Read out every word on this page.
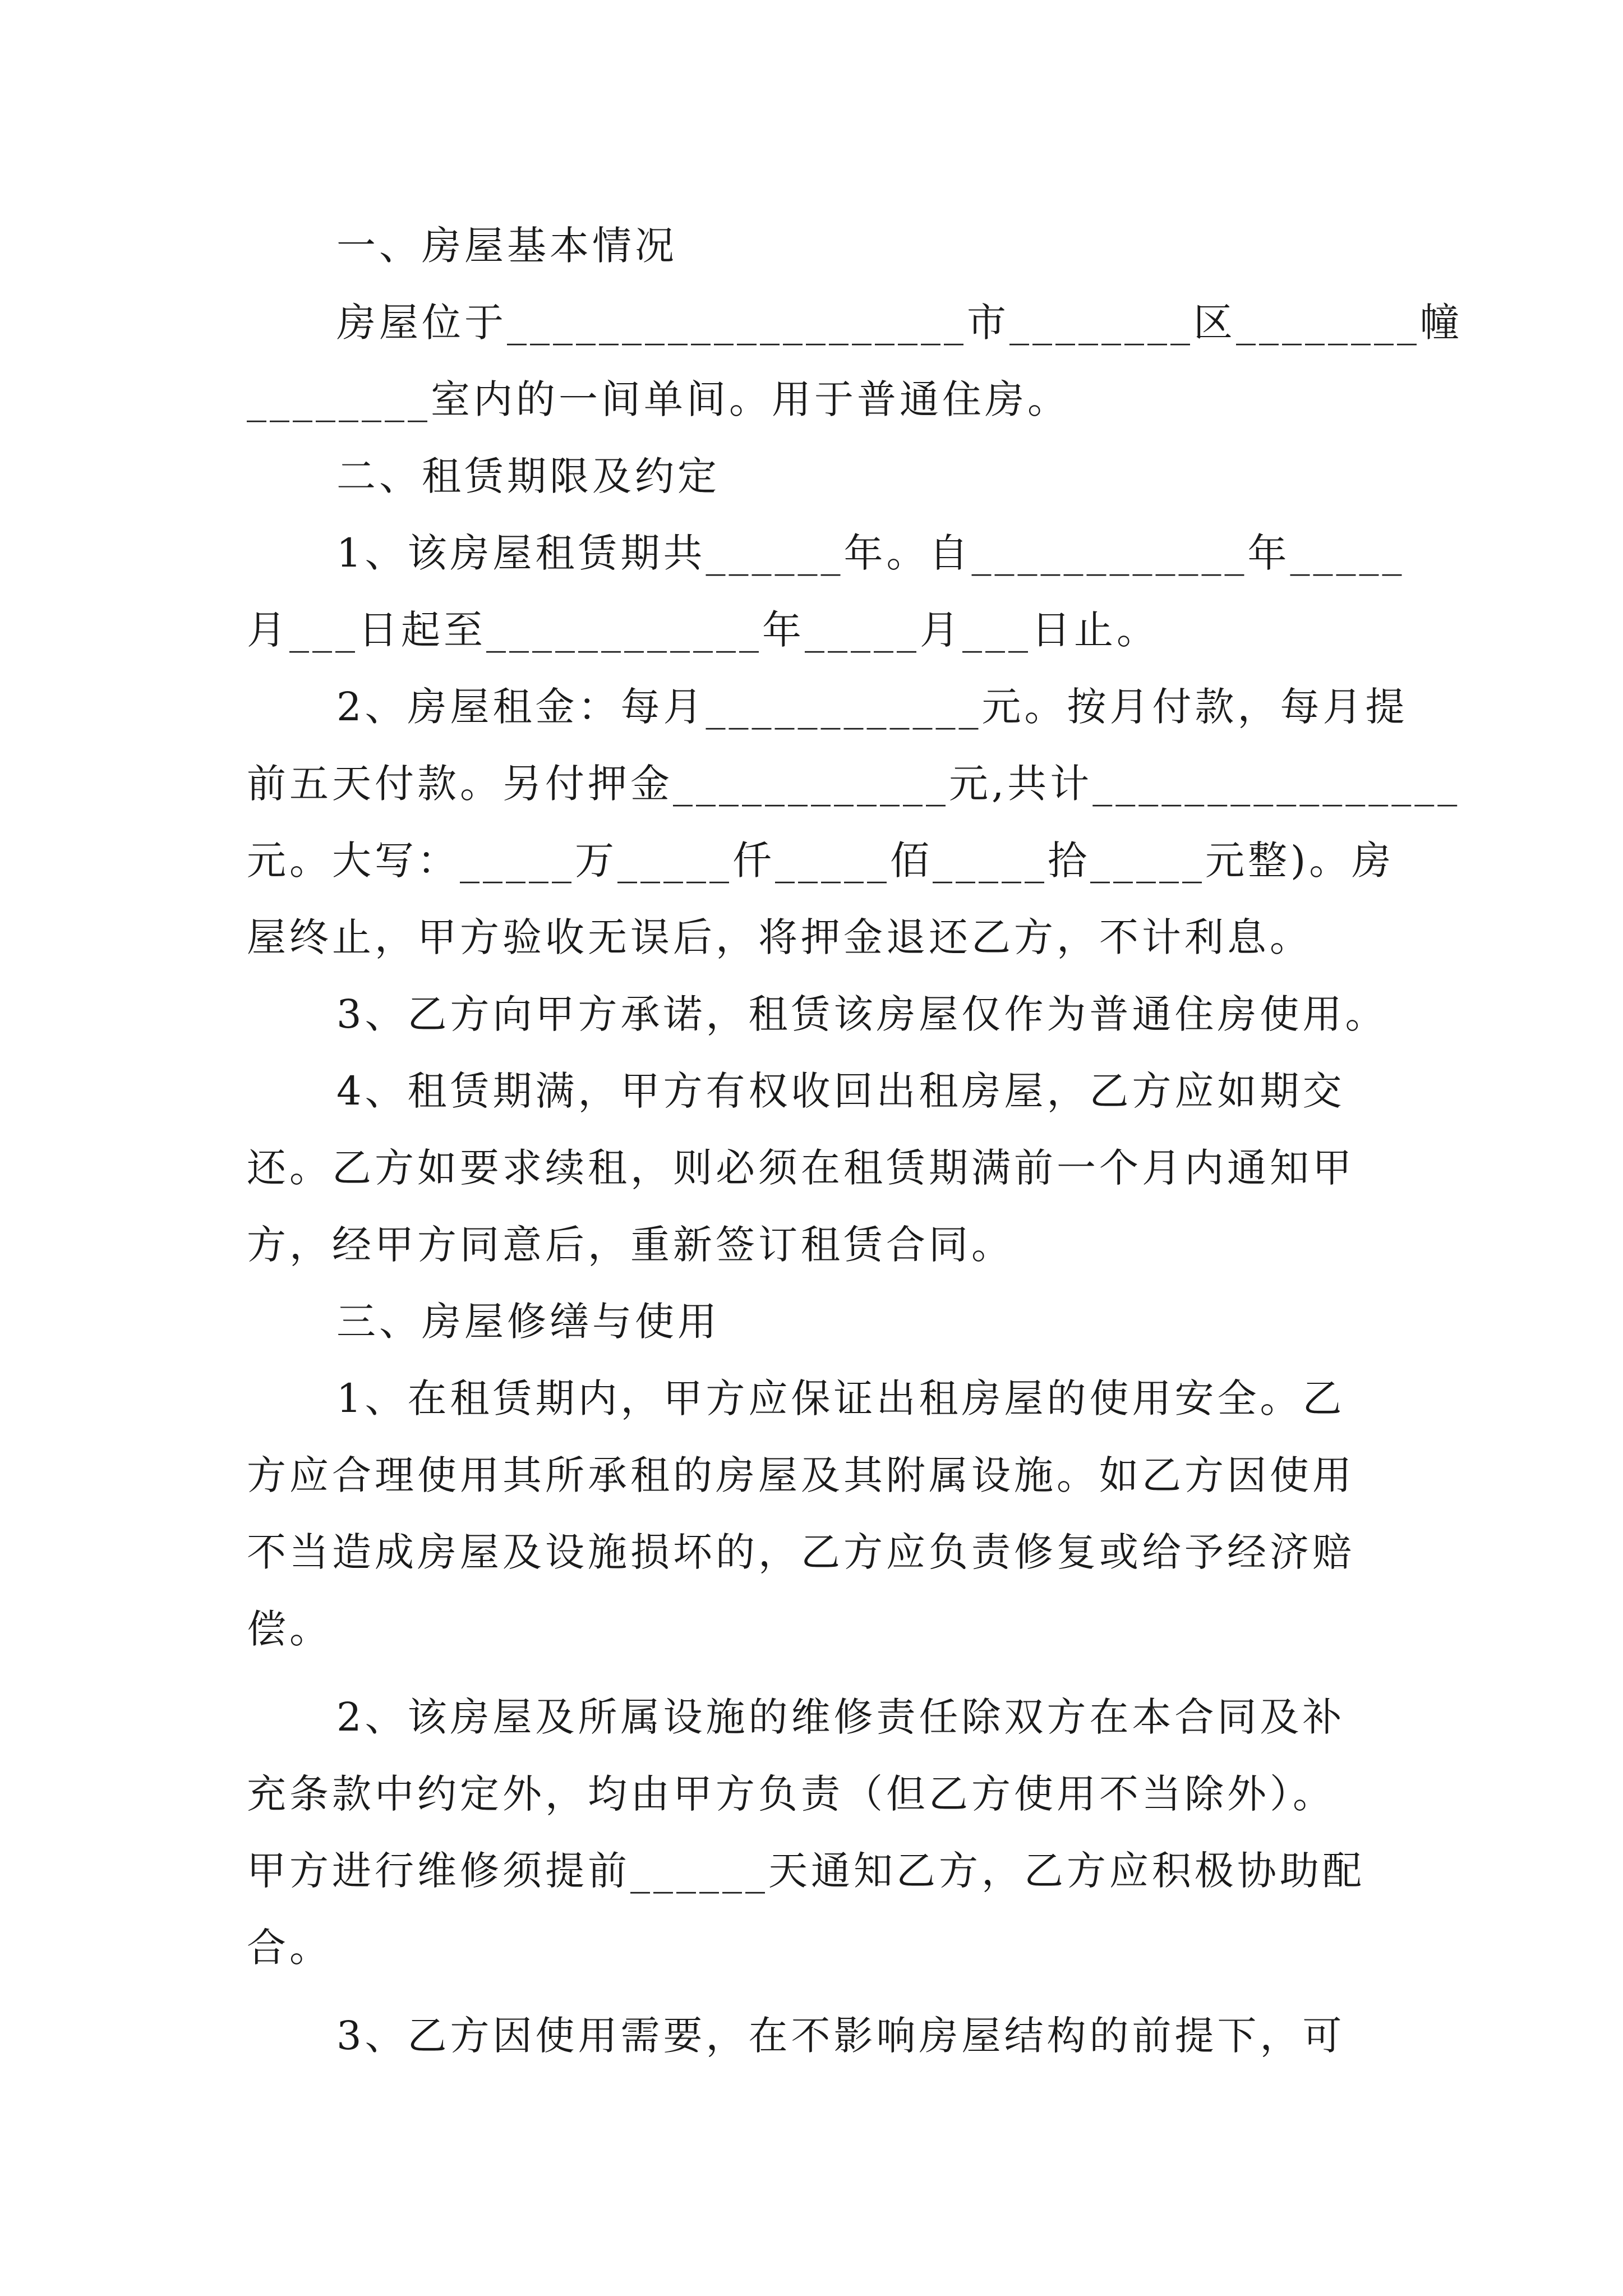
一、房屋基本情况
房屋位于____________________市________区________幢
________室内的一间单间。用于普通住房。
二、租赁期限及约定
1、该房屋租赁期共______年。自____________年_____
月___日起至____________年_____月___日止。
2、房屋租金：每月____________元。按月付款，每月提
前五天付款。另付押金____________元,共计________________
元。大写：_____万_____仟_____佰_____拾_____元整)。房
屋终止，甲方验收无误后，将押金退还乙方，不计利息。
3、乙方向甲方承诺，租赁该房屋仅作为普通住房使用。
4、租赁期满，甲方有权收回出租房屋，乙方应如期交
还。乙方如要求续租，则必须在租赁期满前一个月内通知甲
方，经甲方同意后，重新签订租赁合同。
三、房屋修缮与使用
1、在租赁期内，甲方应保证出租房屋的使用安全。乙
方应合理使用其所承租的房屋及其附属设施。如乙方因使用
不当造成房屋及设施损坏的，乙方应负责修复或给予经济赔
偿。
2、该房屋及所属设施的维修责任除双方在本合同及补
充条款中约定外，均由甲方负责（但乙方使用不当除外）。
甲方进行维修须提前______天通知乙方，乙方应积极协助配
合。
3、乙方因使用需要，在不影响房屋结构的前提下，可
